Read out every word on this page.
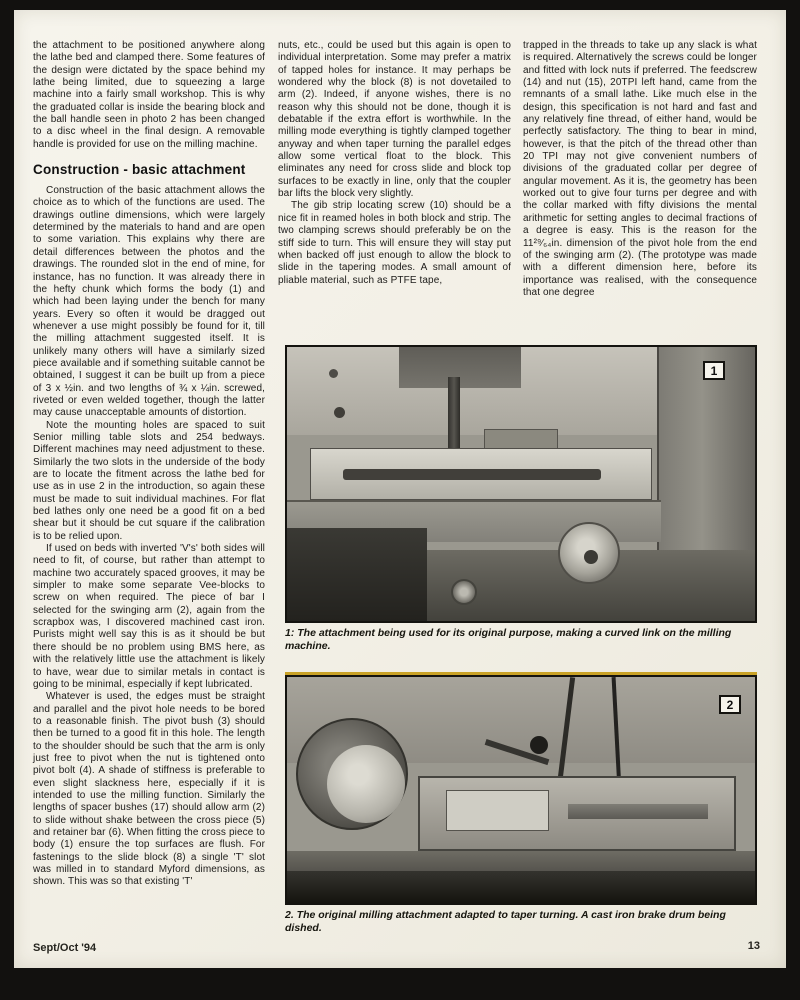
the attachment to be positioned anywhere along the lathe bed and clamped there. Some features of the design were dictated by the space behind my lathe being limited, due to squeezing a large machine into a fairly small workshop. This is why the graduated collar is inside the bearing block and the ball handle seen in photo 2 has been changed to a disc wheel in the final design. A removable handle is provided for use on the milling machine.

Construction - basic attachment

Construction of the basic attachment allows the choice as to which of the functions are used. The drawings outline dimensions, which were largely determined by the materials to hand and are open to some variation. This explains why there are detail differences between the photos and the drawings. The rounded slot in the end of mine, for instance, has no function. It was already there in the hefty chunk which forms the body (1) and which had been laying under the bench for many years. Every so often it would be dragged out whenever a use might possibly be found for it, till the milling attachment suggested itself. It is unlikely many others will have a similarly sized piece available and if something suitable cannot be obtained, I suggest it can be built up from a piece of 3 x ½in. and two lengths of ¾ x ¼in. screwed, riveted or even welded together, though the latter may cause unacceptable amounts of distortion.

Note the mounting holes are spaced to suit Senior milling table slots and 254 bedways. Different machines may need adjustment to these. Similarly the two slots in the underside of the body are to locate the fitment across the lathe bed for use as in use 2 in the introduction, so again these must be made to suit individual machines. For flat bed lathes only one need be a good fit on a bed shear but it should be cut square if the calibration is to be relied upon.

If used on beds with inverted 'V's' both sides will need to fit, of course, but rather than attempt to machine two accurately spaced grooves, it may be simpler to make some separate Vee-blocks to screw on when required. The piece of bar I selected for the swinging arm (2), again from the scrapbox was, I discovered machined cast iron. Purists might well say this is as it should be but there should be no problem using BMS here, as with the relatively little use the attachment is likely to have, wear due to similar metals in contact is going to be minimal, especially if kept lubricated.

Whatever is used, the edges must be straight and parallel and the pivot hole needs to be bored to a reasonable finish. The pivot bush (3) should then be turned to a good fit in this hole. The length to the shoulder should be such that the arm is only just free to pivot when the nut is tightened onto pivot bolt (4). A shade of stiffness is preferable to even slight slackness here, especially if it is intended to use the milling function. Similarly the lengths of spacer bushes (17) should allow arm (2) to slide without shake between the cross piece (5) and retainer bar (6). When fitting the cross piece to body (1) ensure the top surfaces are flush. For fastenings to the slide block (8) a single 'T' slot was milled in to standard Myford dimensions, as shown. This was so that existing 'T'

nuts, etc., could be used but this again is open to individual interpretation. Some may prefer a matrix of tapped holes for instance. It may perhaps be wondered why the block (8) is not dovetailed to arm (2). Indeed, if anyone wishes, there is no reason why this should not be done, though it is debatable if the extra effort is worthwhile. In the milling mode everything is tightly clamped together anyway and when taper turning the parallel edges allow some vertical float to the block. This eliminates any need for cross slide and block top surfaces to be exactly in line, only that the coupler bar lifts the block very slightly.

The gib strip locating screw (10) should be a nice fit in reamed holes in both block and strip. The two clamping screws should preferably be on the stiff side to turn. This will ensure they will stay put when backed off just enough to allow the block to slide in the tapering modes. A small amount of pliable material, such as PTFE tape,

trapped in the threads to take up any slack is what is required. Alternatively the screws could be longer and fitted with lock nuts if preferred. The feedscrew (14) and nut (15), 20TPI left hand, came from the remnants of a small lathe. Like much else in the design, this specification is not hard and fast and any relatively fine thread, of either hand, would be perfectly satisfactory. The thing to bear in mind, however, is that the pitch of the thread other than 20 TPI may not give convenient numbers of divisions of the graduated collar per degree of angular movement. As it is, the geometry has been worked out to give four turns per degree and with the collar marked with fifty divisions the mental arithmetic for setting angles to decimal fractions of a degree is easy. This is the reason for the 11²⁹⁄₆₄in. dimension of the pivot hole from the end of the swinging arm (2). (The prototype was made with a different dimension here, before its importance was realised, with the consequence that one degree

1
1: The attachment being used for its original purpose, making a curved link on the milling machine.
2
2. The original milling attachment adapted to taper turning. A cast iron brake drum being dished.
Sept/Oct '94	13
